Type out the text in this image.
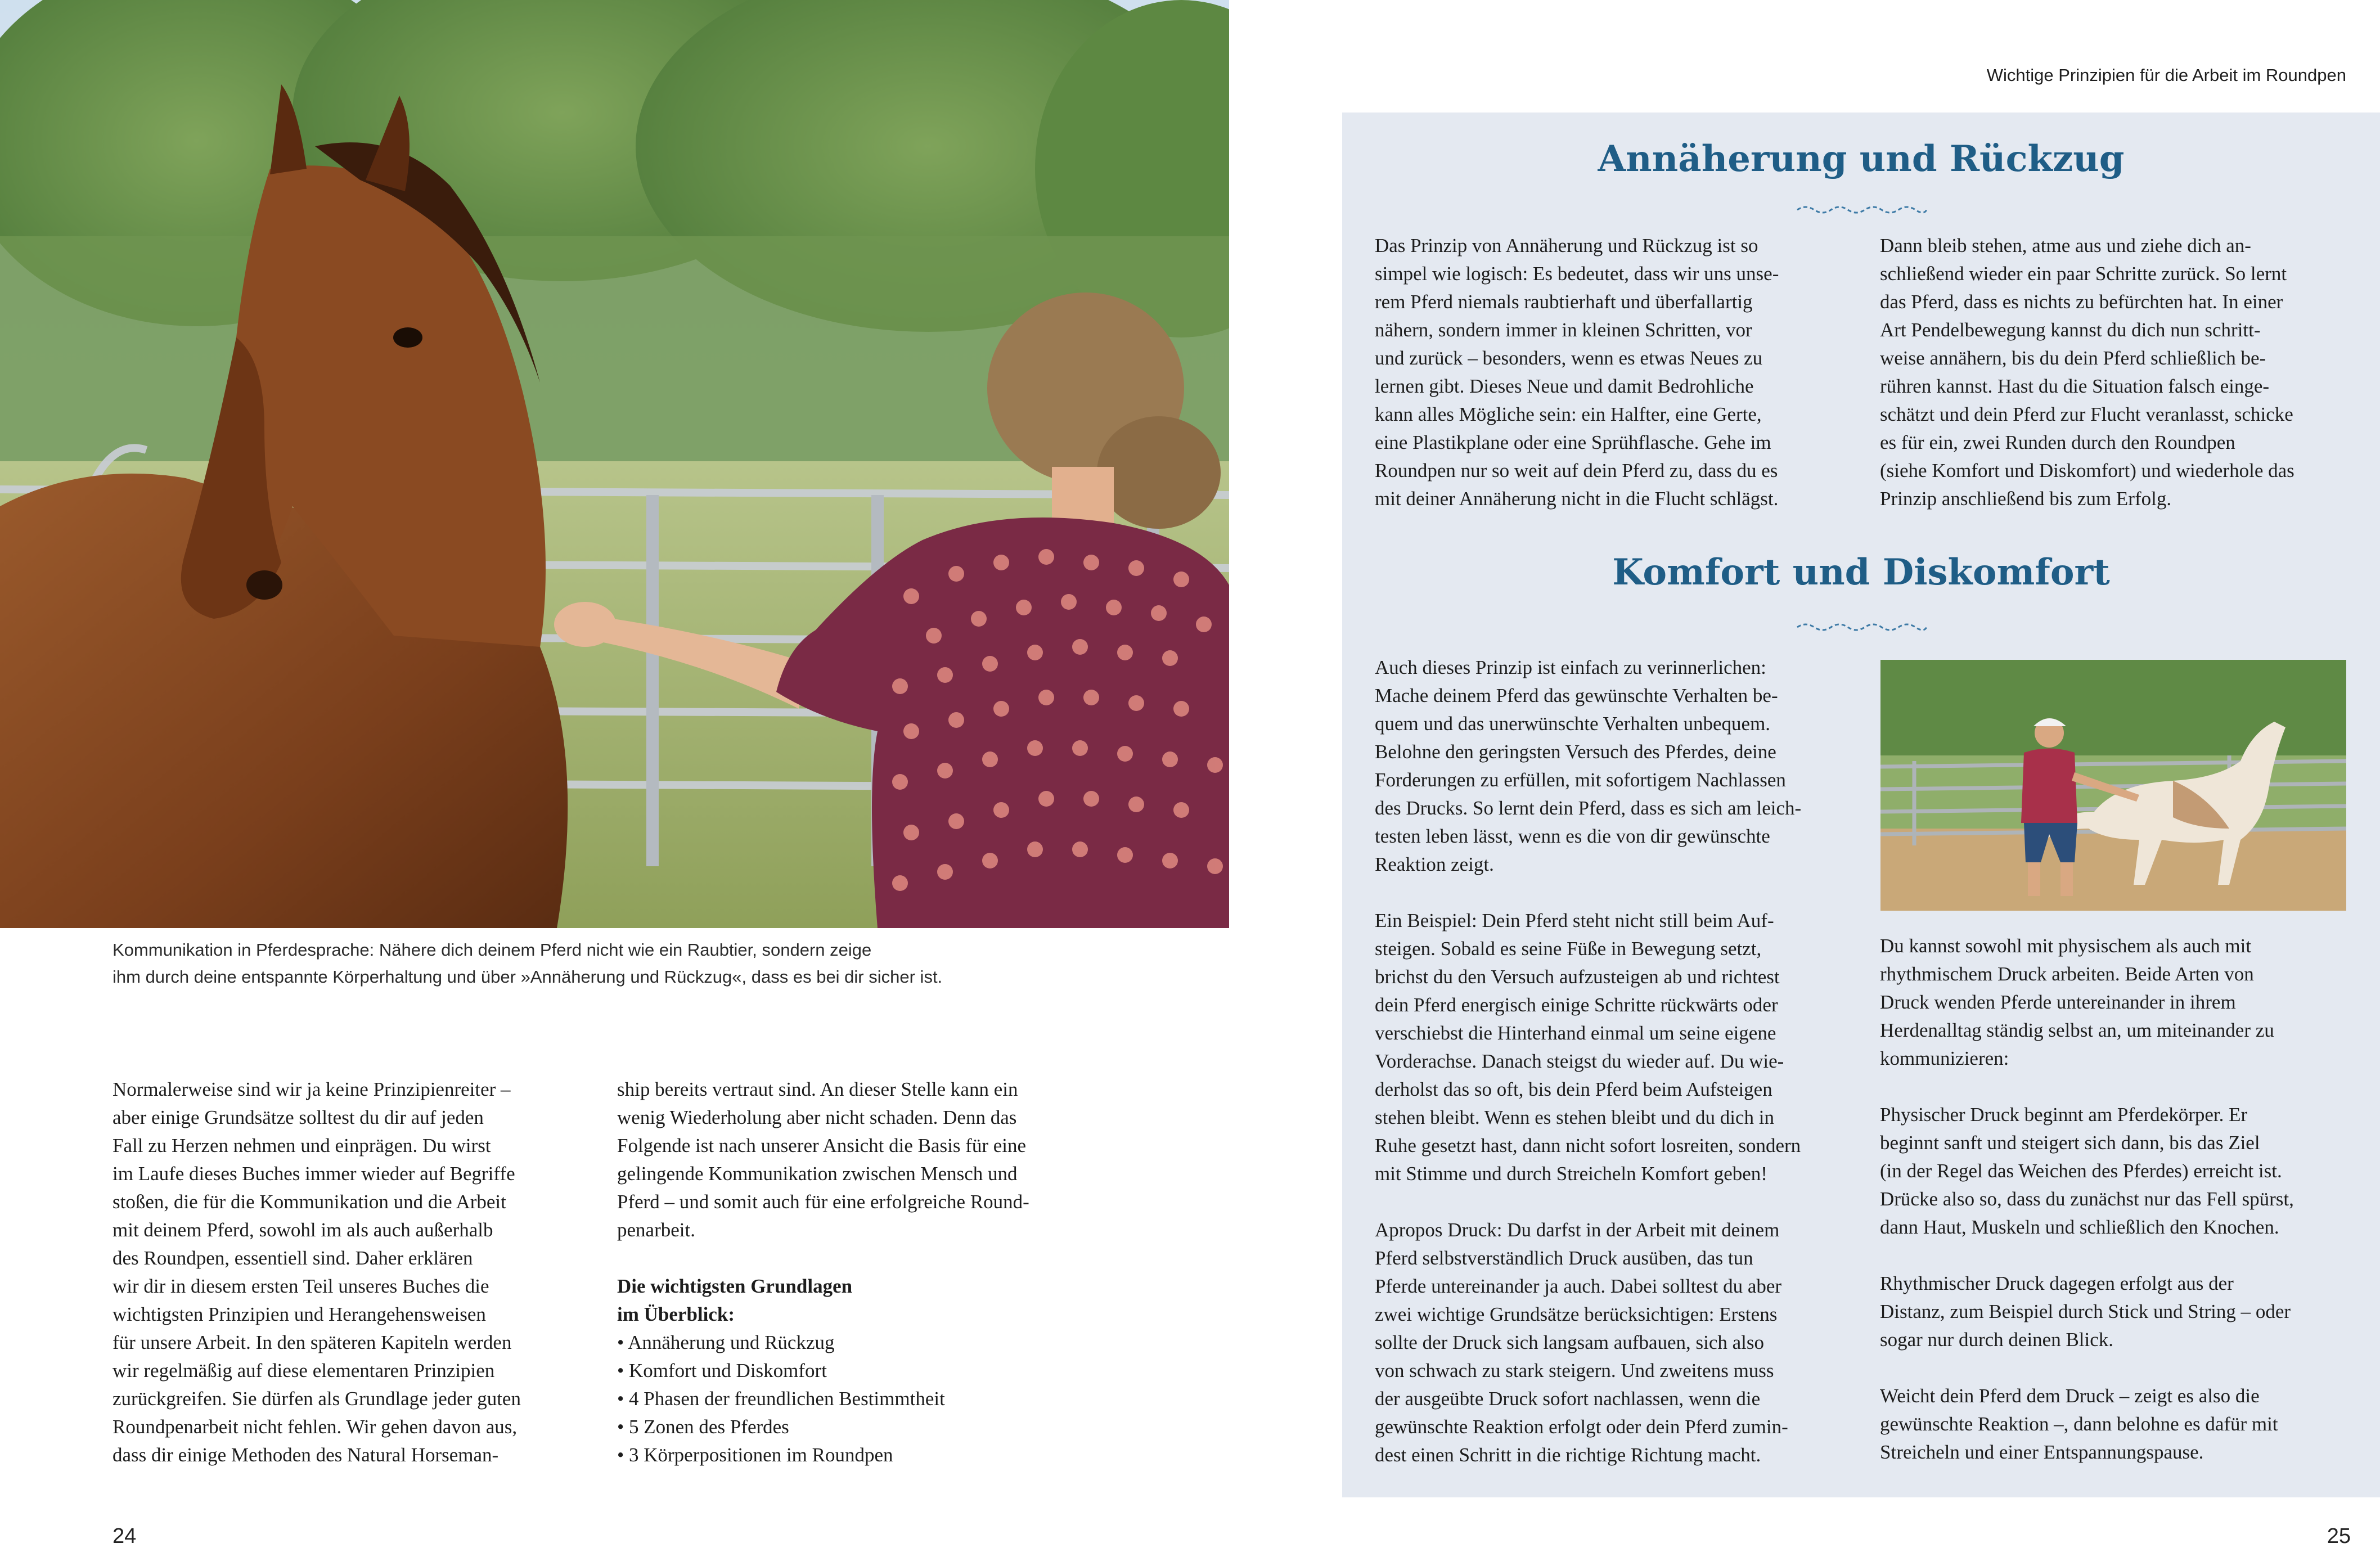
Kommunikation in Pferdesprache: Nähere dich deinem Pferd nicht wie ein Raubtier, sondern zeige
ihm durch deine entspannte Körperhaltung und über »Annäherung und Rückzug«, dass es bei dir sicher ist.
Normalerweise sind wir ja keine Prinzipienreiter –
aber einige Grundsätze solltest du dir auf jeden
Fall zu Herzen nehmen und einprägen. Du wirst
im Laufe dieses Buches immer wieder auf Begriffe
stoßen, die für die Kommunikation und die Arbeit
mit deinem Pferd, sowohl im als auch außerhalb
des Roundpen, essentiell sind. Daher erklären
wir dir in diesem ersten Teil unseres Buches die
wichtigsten Prinzipien und Herangehensweisen
für unsere Arbeit. In den späteren Kapiteln werden
wir regelmäßig auf diese elementaren Prinzipien
zurückgreifen. Sie dürfen als Grundlage jeder guten
Roundpenarbeit nicht fehlen. Wir gehen davon aus,
dass dir einige Methoden des Natural Horseman-
ship bereits vertraut sind. An dieser Stelle kann ein
wenig Wiederholung aber nicht schaden. Denn das
Folgende ist nach unserer Ansicht die Basis für eine
gelingende Kommunikation zwischen Mensch und
Pferd – und somit auch für eine erfolgreiche Round-
penarbeit.
Die wichtigsten Grundlagen
im Überblick:
• Annäherung und Rückzug
• Komfort und Diskomfort
• 4 Phasen der freundlichen Bestimmtheit
• 5 Zonen des Pferdes
• 3 Körperpositionen im Roundpen
24
Wichtige Prinzipien für die Arbeit im Roundpen
Annäherung und Rückzug
Das Prinzip von Annäherung und Rückzug ist so
simpel wie logisch: Es bedeutet, dass wir uns unse-
rem Pferd niemals raubtierhaft und überfallartig
nähern, sondern immer in kleinen Schritten, vor
und zurück – besonders, wenn es etwas Neues zu
lernen gibt. Dieses Neue und damit Bedrohliche
kann alles Mögliche sein: ein Halfter, eine Gerte,
eine Plastikplane oder eine Sprühflasche. Gehe im
Roundpen nur so weit auf dein Pferd zu, dass du es
mit deiner Annäherung nicht in die Flucht schlägst.
Dann bleib stehen, atme aus und ziehe dich an-
schließend wieder ein paar Schritte zurück. So lernt
das Pferd, dass es nichts zu befürchten hat. In einer
Art Pendelbewegung kannst du dich nun schritt-
weise annähern, bis du dein Pferd schließlich be-
rühren kannst. Hast du die Situation falsch einge-
schätzt und dein Pferd zur Flucht veranlasst, schicke
es für ein, zwei Runden durch den Roundpen
(siehe Komfort und Diskomfort) und wiederhole das
Prinzip anschließend bis zum Erfolg.
Komfort und Diskomfort
Auch dieses Prinzip ist einfach zu verinnerlichen:
Mache deinem Pferd das gewünschte Verhalten be-
quem und das unerwünschte Verhalten unbequem.
Belohne den geringsten Versuch des Pferdes, deine
Forderungen zu erfüllen, mit sofortigem Nachlassen
des Drucks. So lernt dein Pferd, dass es sich am leich-
testen leben lässt, wenn es die von dir gewünschte
Reaktion zeigt.
Ein Beispiel: Dein Pferd steht nicht still beim Auf-
steigen. Sobald es seine Füße in Bewegung setzt,
brichst du den Versuch aufzusteigen ab und richtest
dein Pferd energisch einige Schritte rückwärts oder
verschiebst die Hinterhand einmal um seine eigene
Vorderachse. Danach steigst du wieder auf. Du wie-
derholst das so oft, bis dein Pferd beim Aufsteigen
stehen bleibt. Wenn es stehen bleibt und du dich in
Ruhe gesetzt hast, dann nicht sofort losreiten, sondern
mit Stimme und durch Streicheln Komfort geben!
Apropos Druck: Du darfst in der Arbeit mit deinem
Pferd selbstverständlich Druck ausüben, das tun
Pferde untereinander ja auch. Dabei solltest du aber
zwei wichtige Grundsätze berücksichtigen: Erstens
sollte der Druck sich langsam aufbauen, sich also
von schwach zu stark steigern. Und zweitens muss
der ausgeübte Druck sofort nachlassen, wenn die
gewünschte Reaktion erfolgt oder dein Pferd zumin-
dest einen Schritt in die richtige Richtung macht.
Du kannst sowohl mit physischem als auch mit
rhythmischem Druck arbeiten. Beide Arten von
Druck wenden Pferde untereinander in ihrem
Herdenalltag ständig selbst an, um miteinander zu
kommunizieren:
Physischer Druck beginnt am Pferdekörper. Er
beginnt sanft und steigert sich dann, bis das Ziel
(in der Regel das Weichen des Pferdes) erreicht ist.
Drücke also so, dass du zunächst nur das Fell spürst,
dann Haut, Muskeln und schließlich den Knochen.
Rhythmischer Druck dagegen erfolgt aus der
Distanz, zum Beispiel durch Stick und String – oder
sogar nur durch deinen Blick.
Weicht dein Pferd dem Druck – zeigt es also die
gewünschte Reaktion –, dann belohne es dafür mit
Streicheln und einer Entspannungspause.
25
